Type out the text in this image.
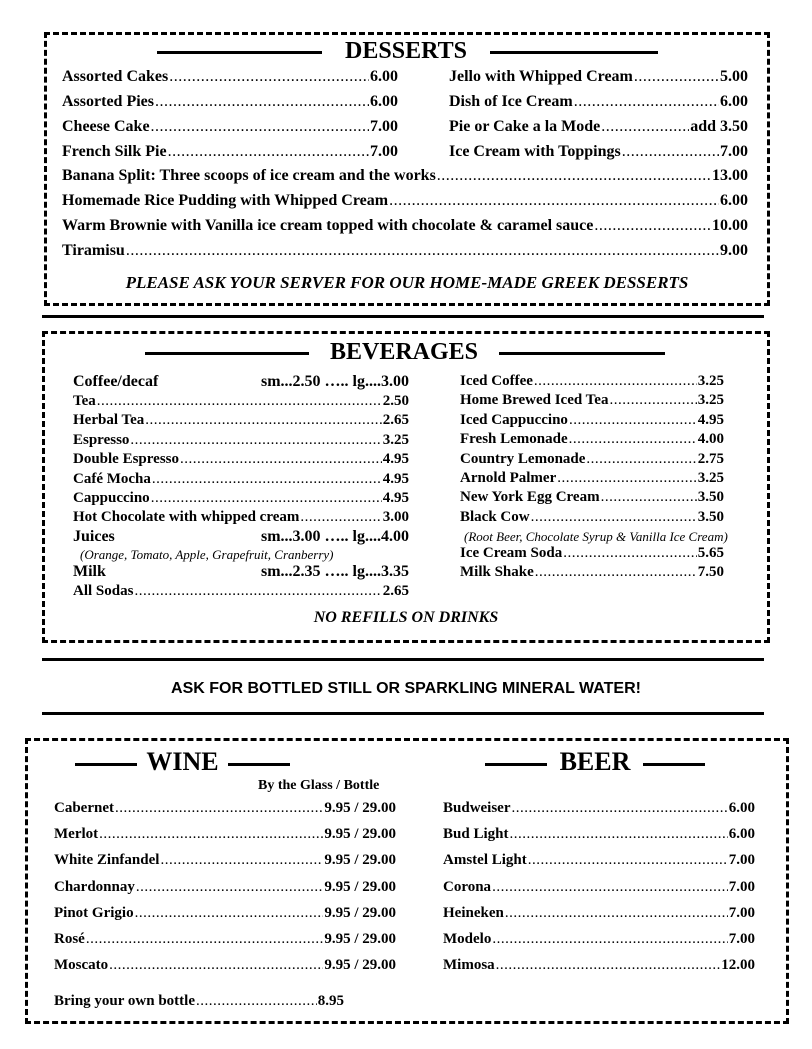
DESSERTS
Assorted Cakes .....	6.00
Assorted Pies .....	6.00
Cheese Cake .....	7.00
French Silk Pie .....	7.00
Jello with Whipped Cream .....	5.00
Dish of Ice Cream .....	6.00
Pie or Cake a la Mode .....	add 3.50
Ice Cream with Toppings .....	7.00
Banana Split: Three scoops of ice cream and the works .....	13.00
Homemade Rice Pudding with Whipped Cream .....	6.00
Warm Brownie with Vanilla ice cream topped with chocolate & caramel sauce .....	10.00
Tiramisu .....	9.00
PLEASE ASK YOUR SERVER FOR OUR HOME-MADE GREEK DESSERTS
BEVERAGES
Coffee/decaf	sm...2.50 ….. lg....3.00
Tea .....	2.50
Herbal Tea .....	2.65
Espresso .....	3.25
Double Espresso .....	4.95
Café Mocha .....	4.95
Cappuccino .....	4.95
Hot Chocolate with whipped cream .....	3.00
Juices	sm...3.00 ….. lg....4.00
(Orange, Tomato, Apple, Grapefruit, Cranberry)
Milk	sm...2.35 ….. lg....3.35
All Sodas .....	2.65
Iced Coffee .....	3.25
Home Brewed Iced Tea .....	3.25
Iced Cappuccino .....	4.95
Fresh Lemonade .....	4.00
Country Lemonade .....	2.75
Arnold Palmer .....	3.25
New York Egg Cream .....	3.50
Black Cow .....	3.50
(Root Beer, Chocolate Syrup & Vanilla Ice Cream)
Ice Cream Soda .....	5.65
Milk Shake .....	7.50
NO REFILLS ON DRINKS
ASK FOR BOTTLED STILL OR SPARKLING MINERAL WATER!
WINE
By the Glass / Bottle
BEER
Cabernet .....	9.95 / 29.00
Merlot .....	9.95 / 29.00
White Zinfandel .....	9.95 / 29.00
Chardonnay .....	9.95 / 29.00
Pinot Grigio .....	9.95 / 29.00
Rosé .....	9.95 / 29.00
Moscato .....	9.95 / 29.00
Bring your own bottle .....	8.95
Budweiser .....	6.00
Bud Light .....	6.00
Amstel Light .....	7.00
Corona .....	7.00
Heineken .....	7.00
Modelo .....	7.00
Mimosa .....	12.00
